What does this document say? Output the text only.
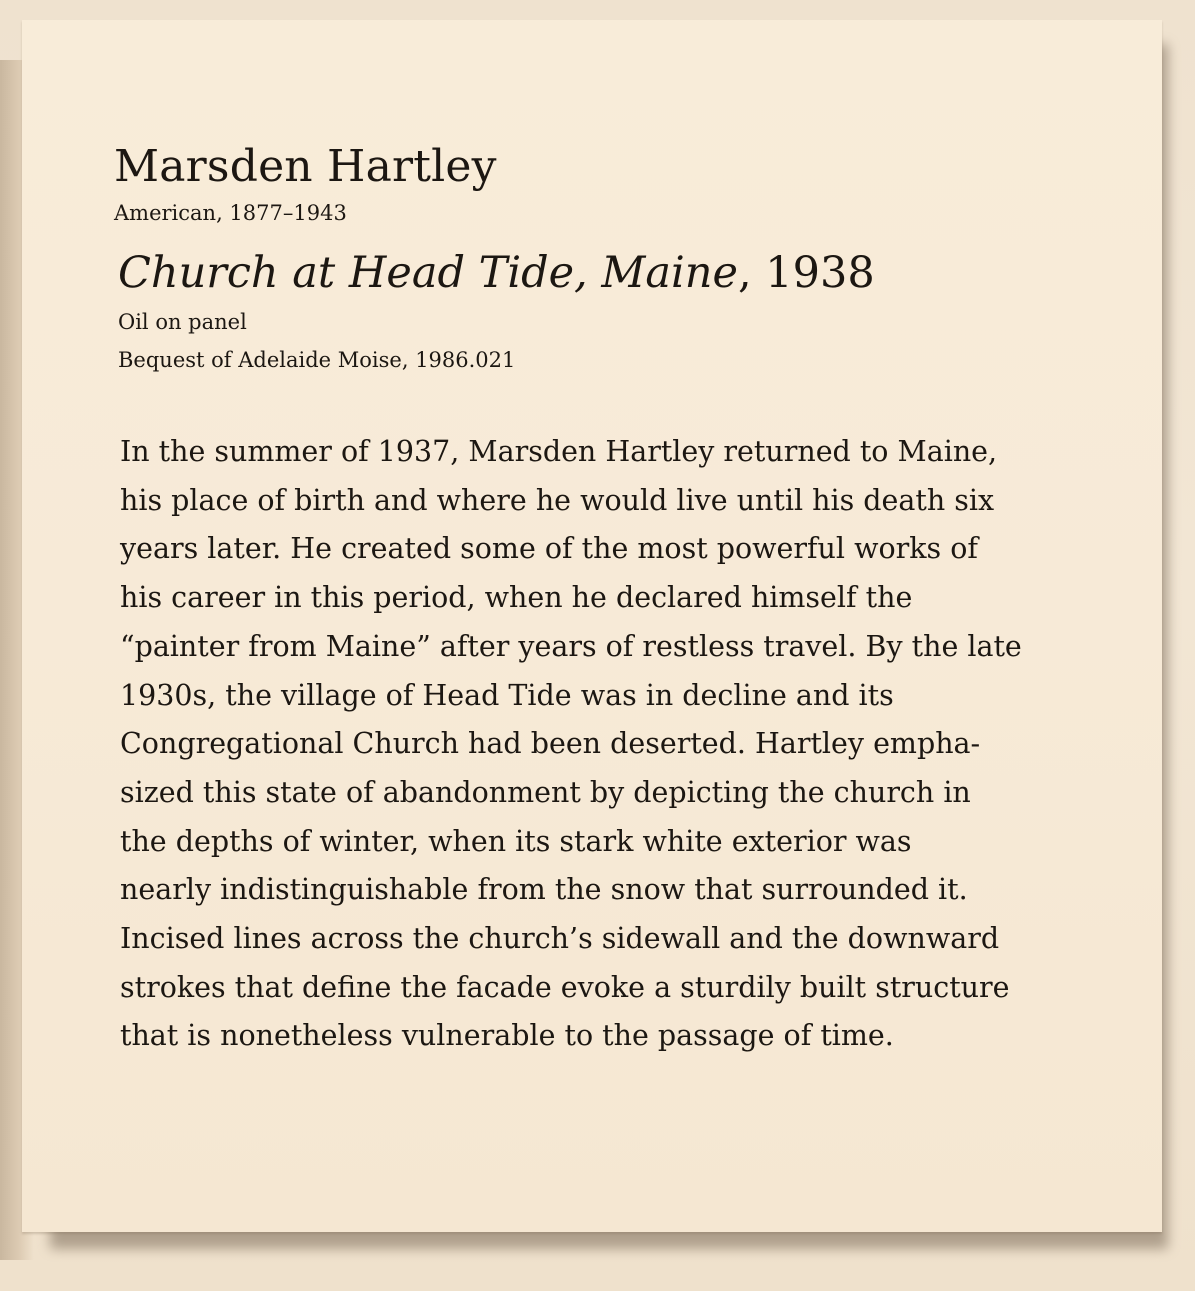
Marsden Hartley
American, 1877–1943
Church at Head Tide, Maine, 1938
Oil on panel
Bequest of Adelaide Moise, 1986.021

In the summer of 1937, Marsden Hartley returned to Maine,
his place of birth and where he would live until his death six
years later. He created some of the most powerful works of
his career in this period, when he declared himself the
“painter from Maine” after years of restless travel. By the late
1930s, the village of Head Tide was in decline and its
Congregational Church had been deserted. Hartley empha-
sized this state of abandonment by depicting the church in
the depths of winter, when its stark white exterior was
nearly indistinguishable from the snow that surrounded it.
Incised lines across the church’s sidewall and the downward
strokes that define the facade evoke a sturdily built structure
that is nonetheless vulnerable to the passage of time.
